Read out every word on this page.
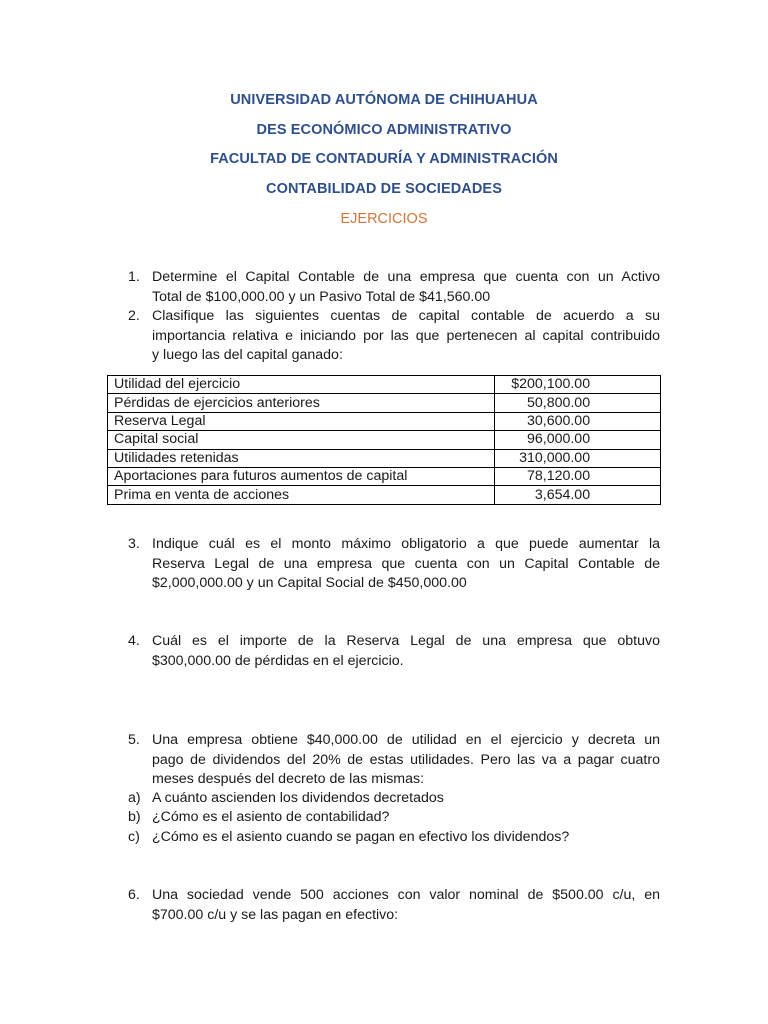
UNIVERSIDAD AUTÓNOMA DE CHIHUAHUA
DES ECONÓMICO ADMINISTRATIVO
FACULTAD DE CONTADURÍA Y ADMINISTRACIÓN
CONTABILIDAD DE SOCIEDADES
EJERCICIOS
1. Determine el Capital Contable de una empresa que cuenta con un Activo
Total de $100,000.00 y un Pasivo Total de $41,560.00
2. Clasifique las siguientes cuentas de capital contable de acuerdo a su
importancia relativa e iniciando por las que pertenecen al capital contribuido
y luego las del capital ganado:
Utilidad del ejercicio	$200,100.00
Pérdidas de ejercicios anteriores	50,800.00
Reserva Legal	30,600.00
Capital social	96,000.00
Utilidades retenidas	310,000.00
Aportaciones para futuros aumentos de capital	78,120.00
Prima en venta de acciones	3,654.00
3. Indique cuál es el monto máximo obligatorio a que puede aumentar la
Reserva Legal de una empresa que cuenta con un Capital Contable de
$2,000,000.00 y un Capital Social de $450,000.00
4. Cuál es el importe de la Reserva Legal de una empresa que obtuvo
$300,000.00 de pérdidas en el ejercicio.
5. Una empresa obtiene $40,000.00 de utilidad en el ejercicio y decreta un
pago de dividendos del 20% de estas utilidades. Pero las va a pagar cuatro
meses después del decreto de las mismas:
a) A cuánto ascienden los dividendos decretados
b) ¿Cómo es el asiento de contabilidad?
c) ¿Cómo es el asiento cuando se pagan en efectivo los dividendos?
6. Una sociedad vende 500 acciones con valor nominal de $500.00 c/u, en
$700.00 c/u y se las pagan en efectivo:
